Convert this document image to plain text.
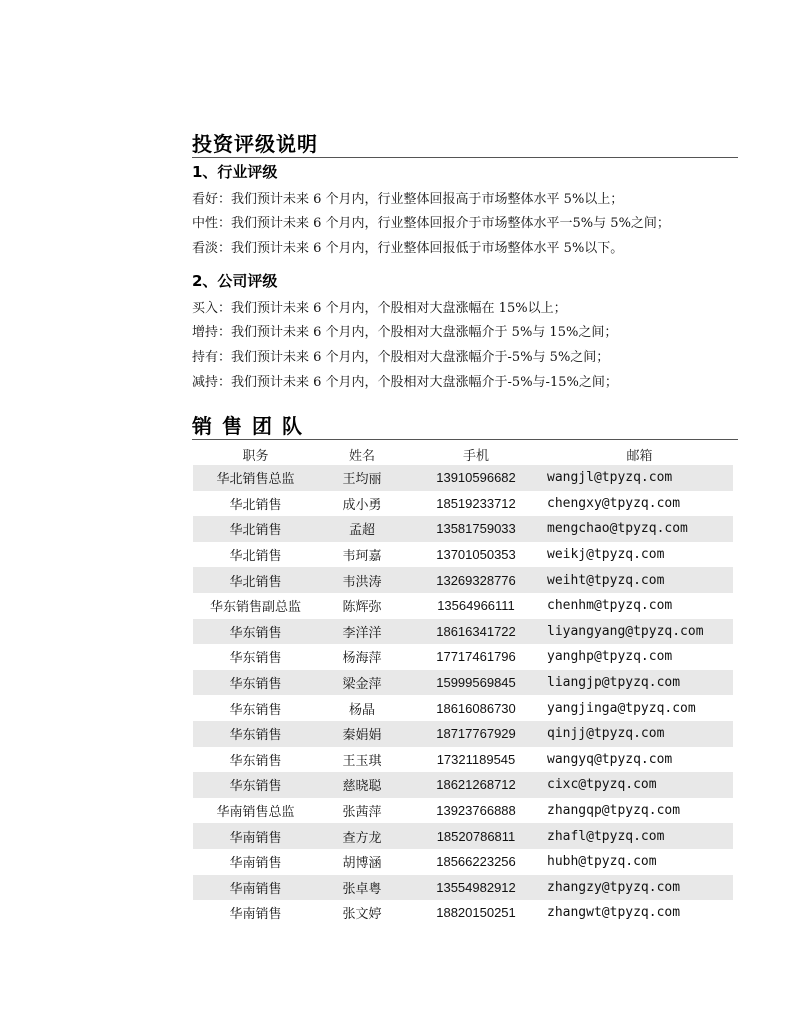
投资评级说明
1、行业评级
看好：我们预计未来 6 个月内，行业整体回报高于市场整体水平 5%以上；
中性：我们预计未来 6 个月内，行业整体回报介于市场整体水平一5%与 5%之间；
看淡：我们预计未来 6 个月内，行业整体回报低于市场整体水平 5%以下。
2、公司评级
买入：我们预计未来 6 个月内，个股相对大盘涨幅在 15%以上；
增持：我们预计未来 6 个月内，个股相对大盘涨幅介于 5%与 15%之间；
持有：我们预计未来 6 个月内，个股相对大盘涨幅介于-5%与 5%之间；
减持：我们预计未来 6 个月内，个股相对大盘涨幅介于-5%与-15%之间；
销售团队
职务	姓名	手机	邮箱
华北销售总监	王均丽	13910596682	wangjl@tpyzq.com
华北销售	成小勇	18519233712	chengxy@tpyzq.com
华北销售	孟超	13581759033	mengchao@tpyzq.com
华北销售	韦珂嘉	13701050353	weikj@tpyzq.com
华北销售	韦洪涛	13269328776	weiht@tpyzq.com
华东销售副总监	陈辉弥	13564966111	chenhm@tpyzq.com
华东销售	李洋洋	18616341722	liyangyang@tpyzq.com
华东销售	杨海萍	17717461796	yanghp@tpyzq.com
华东销售	梁金萍	15999569845	liangjp@tpyzq.com
华东销售	杨晶	18616086730	yangjinga@tpyzq.com
华东销售	秦娟娟	18717767929	qinjj@tpyzq.com
华东销售	王玉琪	17321189545	wangyq@tpyzq.com
华东销售	慈晓聪	18621268712	cixc@tpyzq.com
华南销售总监	张茜萍	13923766888	zhangqp@tpyzq.com
华南销售	查方龙	18520786811	zhafl@tpyzq.com
华南销售	胡博涵	18566223256	hubh@tpyzq.com
华南销售	张卓粤	13554982912	zhangzy@tpyzq.com
华南销售	张文婷	18820150251	zhangwt@tpyzq.com
